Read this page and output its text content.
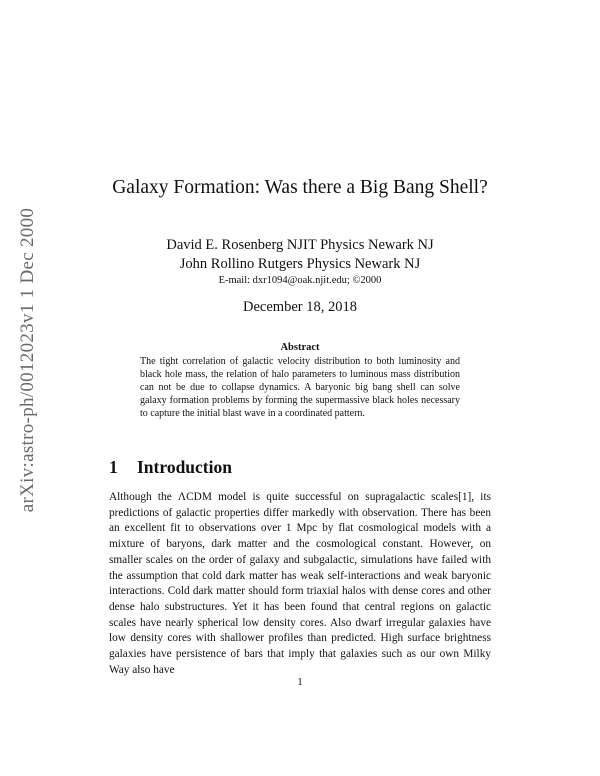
arXiv:astro-ph/0012023v1 1 Dec 2000
Galaxy Formation: Was there a Big Bang Shell?
David E. Rosenberg NJIT Physics Newark NJ
John Rollino Rutgers Physics Newark NJ
E-mail: dxr1094@oak.njit.edu; ©2000
December 18, 2018
Abstract

The tight correlation of galactic velocity distribution to both luminosity and black hole mass, the relation of halo parameters to luminous mass distribution can not be due to collapse dynamics. A baryonic big bang shell can solve galaxy formation problems by forming the supermassive black holes necessary to capture the initial blast wave in a coordinated pattern.

1 Introduction

Although the ΛCDM model is quite successful on supragalactic scales[1], its predictions of galactic properties differ markedly with observation. There has been an excellent fit to observations over 1 Mpc by flat cosmological models with a mixture of baryons, dark matter and the cosmological constant. However, on smaller scales on the order of galaxy and subgalactic, simulations have failed with the assumption that cold dark matter has weak self-interactions and weak baryonic interactions. Cold dark matter should form triaxial halos with dense cores and other dense halo substructures. Yet it has been found that central regions on galactic scales have nearly spherical low density cores. Also dwarf irregular galaxies have low density cores with shallower profiles than predicted. High surface brightness galaxies have persistence of bars that imply that galaxies such as our own Milky Way also have

1
